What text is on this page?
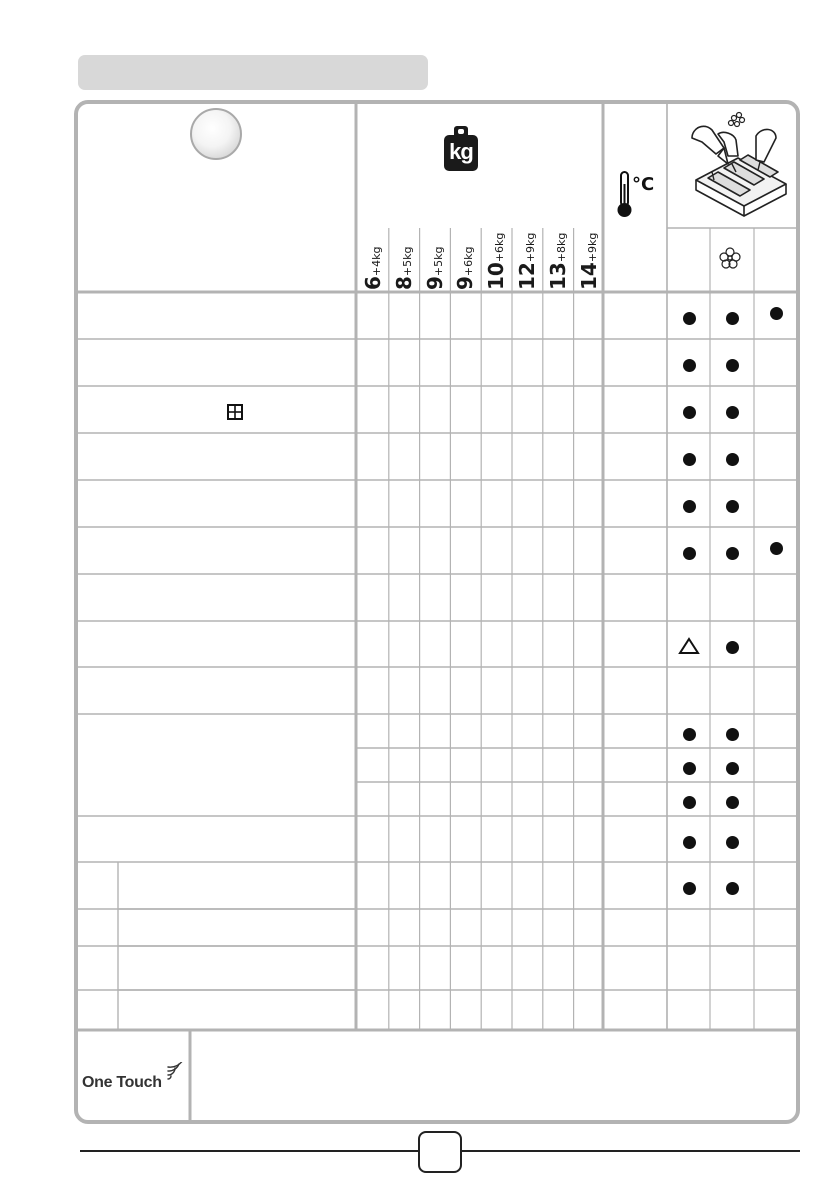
kg
6+4kg
8+5kg
9+5kg
9+6kg
10+6kg
12+9kg
13+8kg
14+9kg
°C
One Touch
